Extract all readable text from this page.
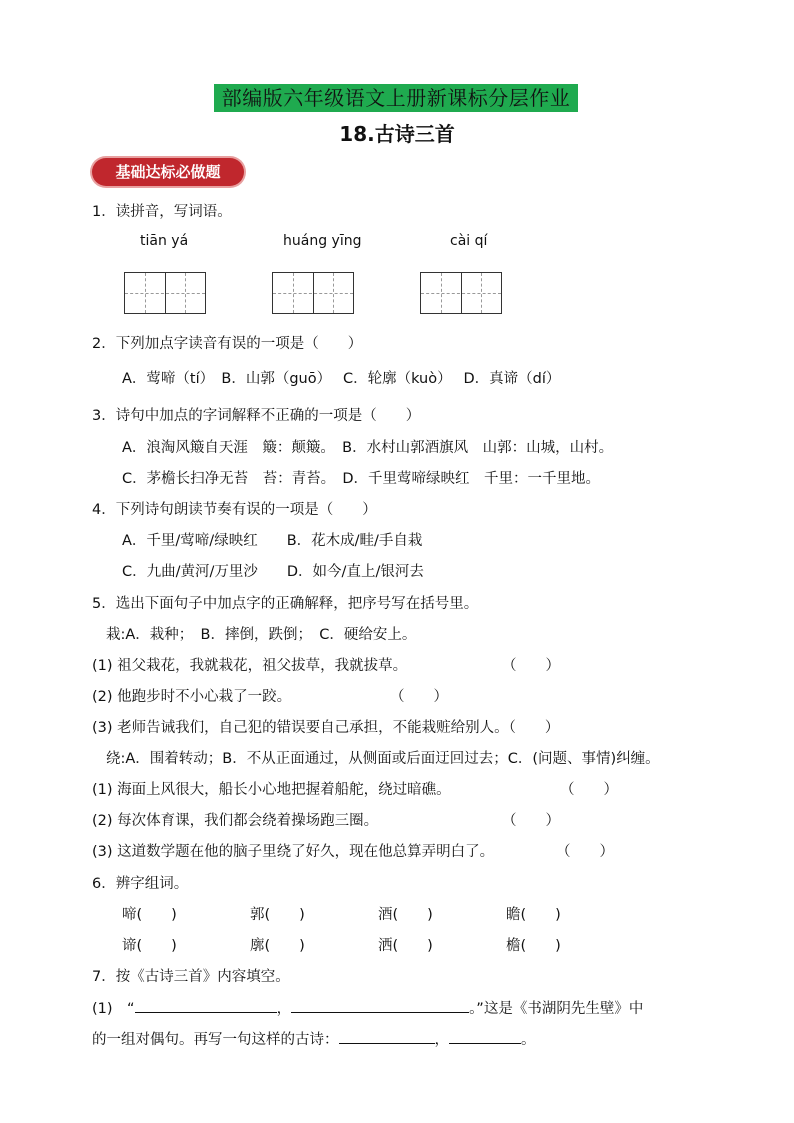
部编版六年级语文上册新课标分层作业
18.古诗三首
基础达标必做题
1．读拼音，写词语。
tiān yá	huáng yīng	cài qí
2．下列加点字读音有误的一项是（　　）
A．莺啼（tí）　B．山郭（guō）　 C．轮廓（kuò）　 D．真谛（dí）
3．诗句中加点的字词解释不正确的一项是（　　）
A．浪淘风簸自天涯　簸：颠簸。　B．水村山郭酒旗风　山郭：山城，山村。
C．茅檐长扫净无苔　苔：青苔。　D．千里莺啼绿映红　千里：一千里地。
4．下列诗句朗读节奏有误的一项是（　　）
A．千里/莺啼/绿映红　　B．花木成/畦/手自栽
C．九曲/黄河/万里沙　　D．如今/直上/银河去
5．选出下面句子中加点字的正确解释，把序号写在括号里。
栽:A．栽种；　B．摔倒，跌倒；　C．硬给安上。
(1) 祖父栽花，我就栽花，祖父拔草，我就拔草。	（　　）
(2) 他跑步时不小心栽了一跤。	（　　）
(3) 老师告诫我们，自己犯的错误要自己承担，不能栽赃给别人。（　　）
绕:A．围着转动；B．不从正面通过，从侧面或后面迂回过去；C．(问题、事情)纠缠。
(1) 海面上风很大，船长小心地把握着船舵，绕过暗礁。	（　　）
(2) 每次体育课，我们都会绕着操场跑三圈。	（　　）
(3) 这道数学题在他的脑子里绕了好久，现在他总算弄明白了。	（　　）
6．辨字组词。
啼(　　)	郭(　　)	酒(　　)	瞻(　　)
谛(　　)	廓(　　)	洒(　　)	檐(　　)
7．按《古诗三首》内容填空。
(1)　“	，	。”这是《书湖阴先生壁》中
的一组对偶句。再写一句这样的古诗：	，	。
